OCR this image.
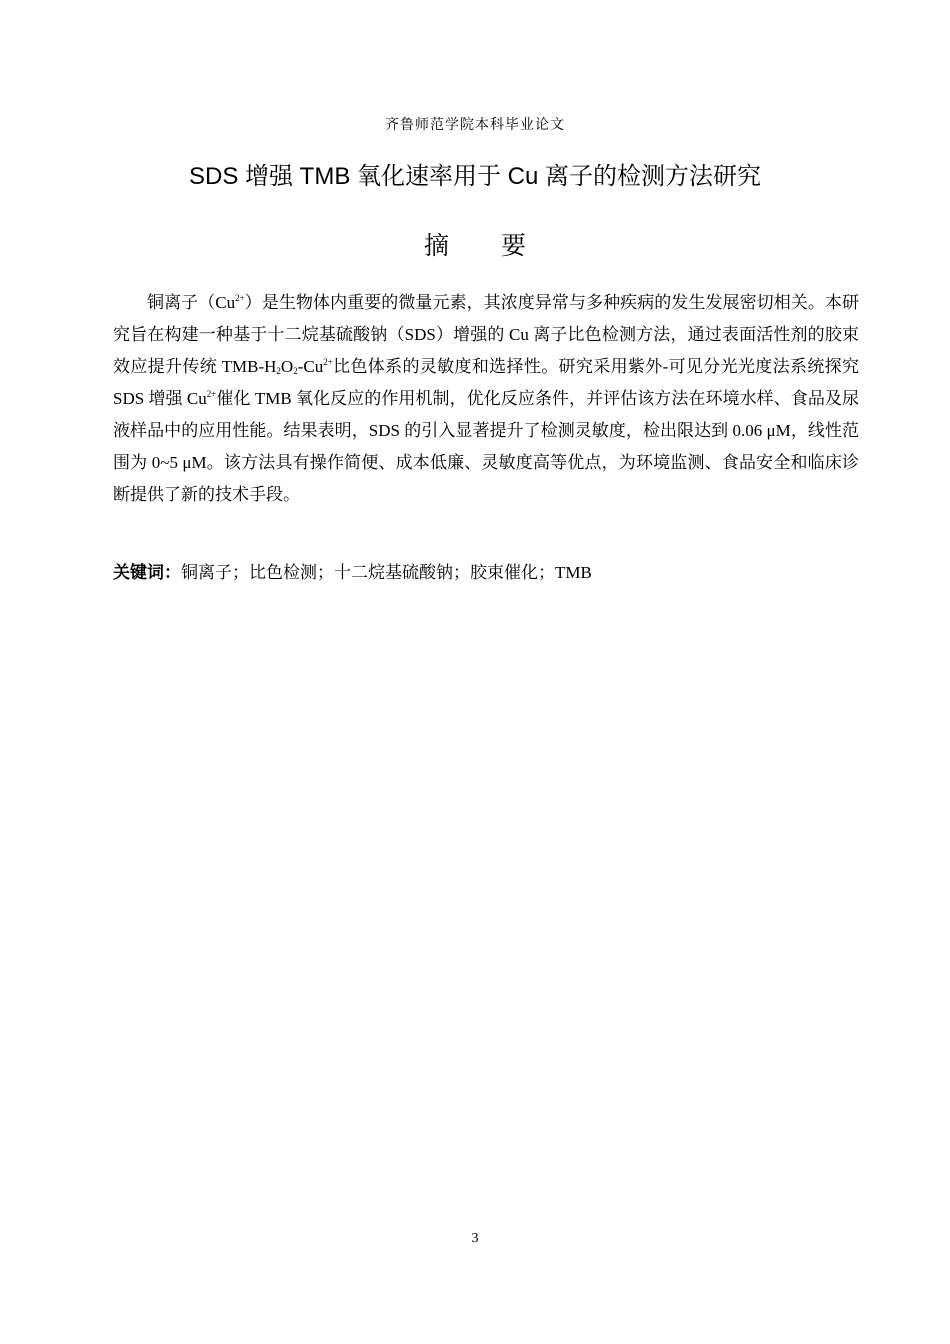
齐鲁师范学院本科毕业论文
SDS 增强 TMB 氧化速率用于 Cu 离子的检测方法研究
摘 要
铜离子$(Cu^{2+})$是生物体内重要的微量元素，其浓度异常与多种疾病的发生发展密切相关。本研究旨在构建一种基于十二烷基硫酸钠（SDS）增强的 Cu 离子比色检测方法，通过表面活性剂的胶束效应提升传统 TMB-$H_2O_2-Cu^{2+}$比色体系的灵敏度和选择性。研究采用紫外-可见分光光度法系统探究 SDS 增强 $Cu^{2+}$催化 TMB 氧化反应的作用机制，优化反应条件，并评估该方法在环境水样、食品及尿液样品中的应用性能。结果表明，SDS 的引入显著提升了检测灵敏度，检出限达到 0.06 μM，线性范围为 0~5 μM。该方法具有操作简便、成本低廉、灵敏度高等优点，为环境监测、食品安全和临床诊断提供了新的技术手段。
关键词：铜离子；比色检测；十二烷基硫酸钠；胶束催化；TMB
3
